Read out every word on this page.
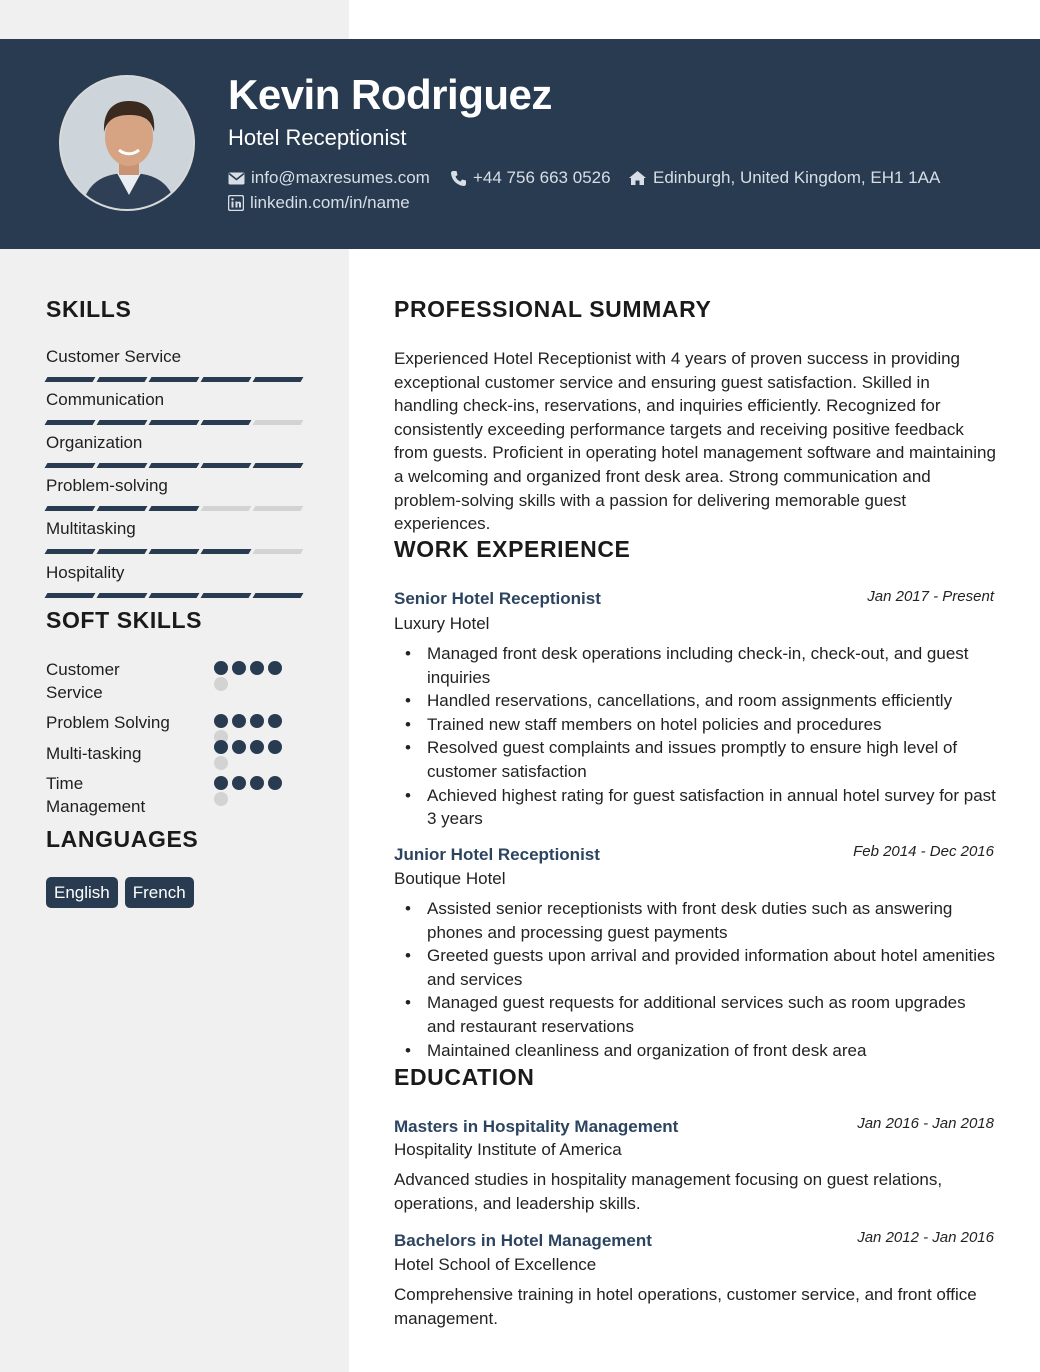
Kevin Rodriguez
Hotel Receptionist
info@maxresumes.com	+44 756 663 0526 Edinburgh, United Kingdom, EH1 1AA
linkedin.com/in/name
SKILLS
Customer Service
Communication
Organization
Problem-solving
Multitasking
Hospitality
SOFT SKILLS
Customer Service
Problem Solving
Multi-tasking
Time Management
LANGUAGES
English	French
PROFESSIONAL SUMMARY
Experienced Hotel Receptionist with 4 years of proven success in providing exceptional customer service and ensuring guest satisfaction. Skilled in handling check-ins, reservations, and inquiries efficiently. Recognized for consistently exceeding performance targets and receiving positive feedback from guests. Proficient in operating hotel management software and maintaining a welcoming and organized front desk area. Strong communication and problem-solving skills with a passion for delivering memorable guest experiences.
WORK EXPERIENCE
Senior Hotel Receptionist	Jan 2017 - Present
Luxury Hotel
• Managed front desk operations including check-in, check-out, and guest inquiries
• Handled reservations, cancellations, and room assignments efficiently
• Trained new staff members on hotel policies and procedures
• Resolved guest complaints and issues promptly to ensure high level of customer satisfaction
• Achieved highest rating for guest satisfaction in annual hotel survey for past 3 years
Junior Hotel Receptionist	Feb 2014 - Dec 2016
Boutique Hotel
• Assisted senior receptionists with front desk duties such as answering phones and processing guest payments
• Greeted guests upon arrival and provided information about hotel amenities and services
• Managed guest requests for additional services such as room upgrades and restaurant reservations
• Maintained cleanliness and organization of front desk area
EDUCATION
Masters in Hospitality Management	Jan 2016 - Jan 2018
Hospitality Institute of America
Advanced studies in hospitality management focusing on guest relations, operations, and leadership skills.
Bachelors in Hotel Management	Jan 2012 - Jan 2016
Hotel School of Excellence
Comprehensive training in hotel operations, customer service, and front office management.
